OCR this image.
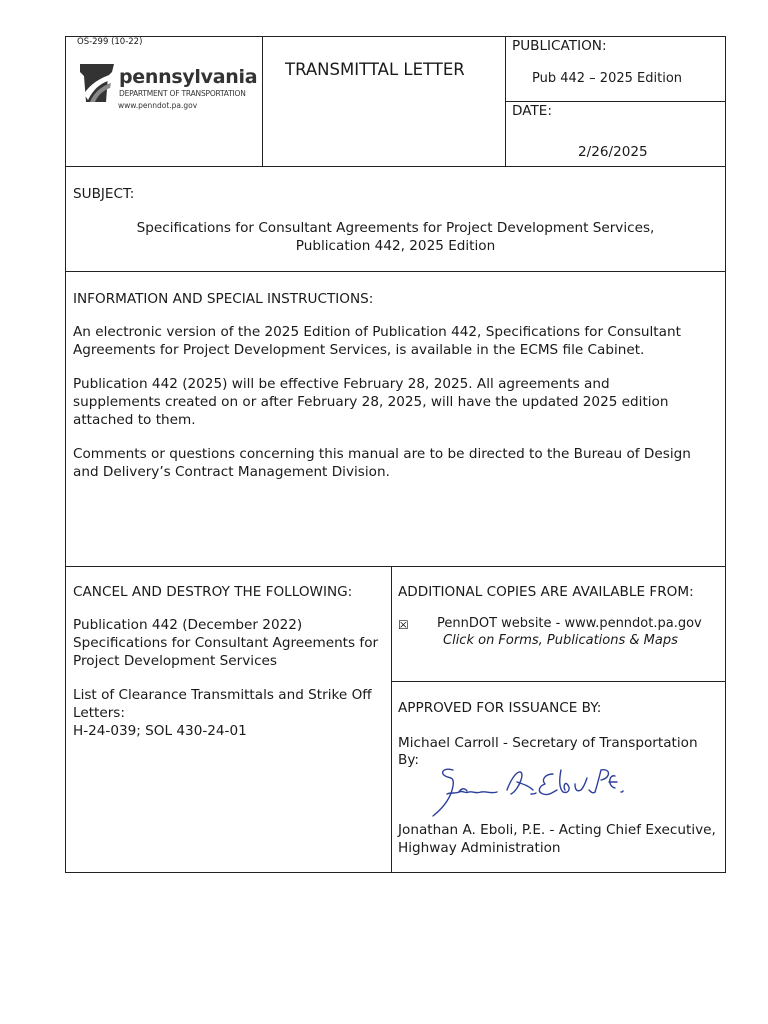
OS-299 (10-22)
pennsylvania
DEPARTMENT OF TRANSPORTATION
www.penndot.pa.gov
TRANSMITTAL LETTER
PUBLICATION:
Pub 442 – 2025 Edition
DATE:
2/26/2025
SUBJECT:
Specifications for Consultant Agreements for Project Development Services,
Publication 442, 2025 Edition
INFORMATION AND SPECIAL INSTRUCTIONS:
An electronic version of the 2025 Edition of Publication 442, Specifications for Consultant
Agreements for Project Development Services, is available in the ECMS file Cabinet.
Publication 442 (2025) will be effective February 28, 2025. All agreements and
supplements created on or after February 28, 2025, will have the updated 2025 edition
attached to them.
Comments or questions concerning this manual are to be directed to the Bureau of Design
and Delivery’s Contract Management Division.
CANCEL AND DESTROY THE FOLLOWING:
Publication 442 (December 2022)
Specifications for Consultant Agreements for
Project Development Services
List of Clearance Transmittals and Strike Off
Letters:
H-24-039; SOL 430-24-01
ADDITIONAL COPIES ARE AVAILABLE FROM:
☒ PennDOT website - www.penndot.pa.gov
Click on Forms, Publications & Maps
APPROVED FOR ISSUANCE BY:
Michael Carroll - Secretary of Transportation
By:
Jonathan A. Eboli, P.E. - Acting Chief Executive,
Highway Administration
